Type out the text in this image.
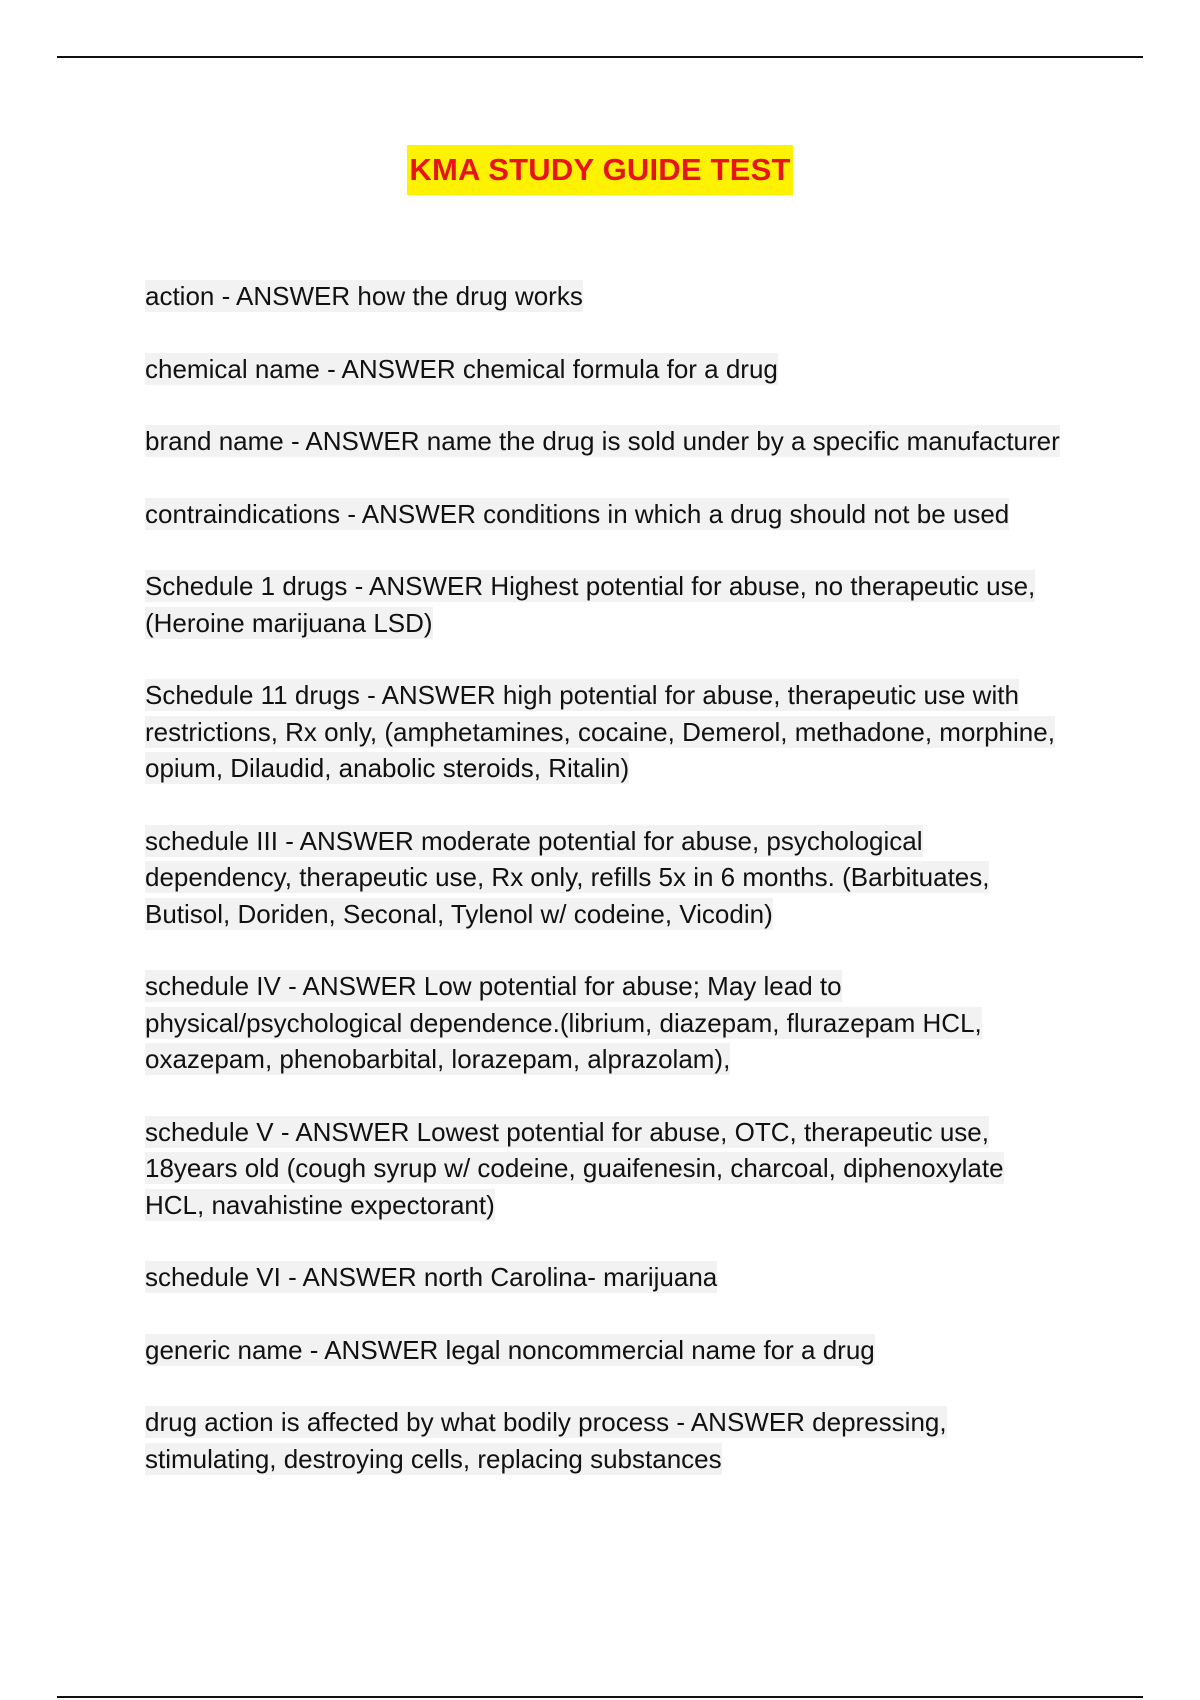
KMA STUDY GUIDE TEST
action - ANSWER how the drug works
chemical name - ANSWER chemical formula for a drug
brand name - ANSWER name the drug is sold under by a specific manufacturer
contraindications - ANSWER conditions in which a drug should not be used
Schedule 1 drugs - ANSWER Highest potential for abuse, no therapeutic use, (Heroine marijuana LSD)
Schedule 11 drugs - ANSWER high potential for abuse, therapeutic use with restrictions, Rx only, (amphetamines, cocaine, Demerol, methadone, morphine, opium, Dilaudid, anabolic steroids, Ritalin)
schedule III - ANSWER moderate potential for abuse, psychological dependency, therapeutic use, Rx only, refills 5x in 6 months. (Barbituates, Butisol, Doriden, Seconal, Tylenol w/ codeine, Vicodin)
schedule IV - ANSWER Low potential for abuse; May lead to physical/psychological dependence.(librium, diazepam, flurazepam HCL, oxazepam, phenobarbital, lorazepam, alprazolam),
schedule V - ANSWER Lowest potential for abuse, OTC, therapeutic use, 18years old (cough syrup w/ codeine, guaifenesin, charcoal, diphenoxylate HCL, navahistine expectorant)
schedule VI - ANSWER north Carolina- marijuana
generic name - ANSWER legal noncommercial name for a drug
drug action is affected by what bodily process - ANSWER depressing, stimulating, destroying cells, replacing substances
